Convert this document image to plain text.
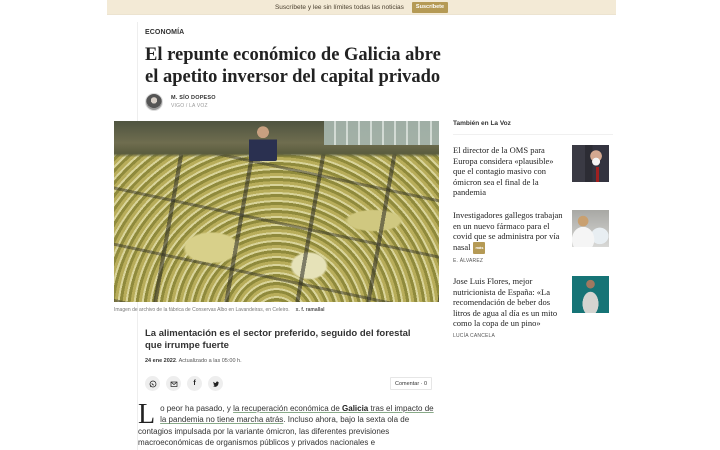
Suscríbete y lee sin límites todas las noticias	Suscríbete
ECONOMÍA
El repunte económico de Galicia abre el apetito inversor del capital privado
M. SÍO DOPESO
VIGO / LA VOZ
Imagen de archivo de la fábrica de Conservas Albo en Lavandeiras, en Celeiro. x. f. ramallal
La alimentación es el sector preferido, seguido del forestal que irrumpe fuerte
24 ene 2022. Actualizado a las 05:00 h.
f	Comentar · 0
Lo peor ha pasado, y la recuperación económica de Galicia tras el impacto de la pandemia no tiene marcha atrás. Incluso ahora, bajo la sexta ola de contagios impulsada por la variante ómicron, las diferentes previsiones macroeconómicas de organismos públicos y privados nacionales e
También en La Voz
El director de la OMS para Europa considera «plausible» que el contagio masivo con ómicron sea el final de la pandemia
Investigadores gallegos trabajan en un nuevo fármaco para el covid que se administra por vía nasal más
E. ÁLVAREZ
Jose Luis Flores, mejor nutricionista de España: «La recomendación de beber dos litros de agua al día es un mito como la copa de un pino»
LUCÍA CANCELA
